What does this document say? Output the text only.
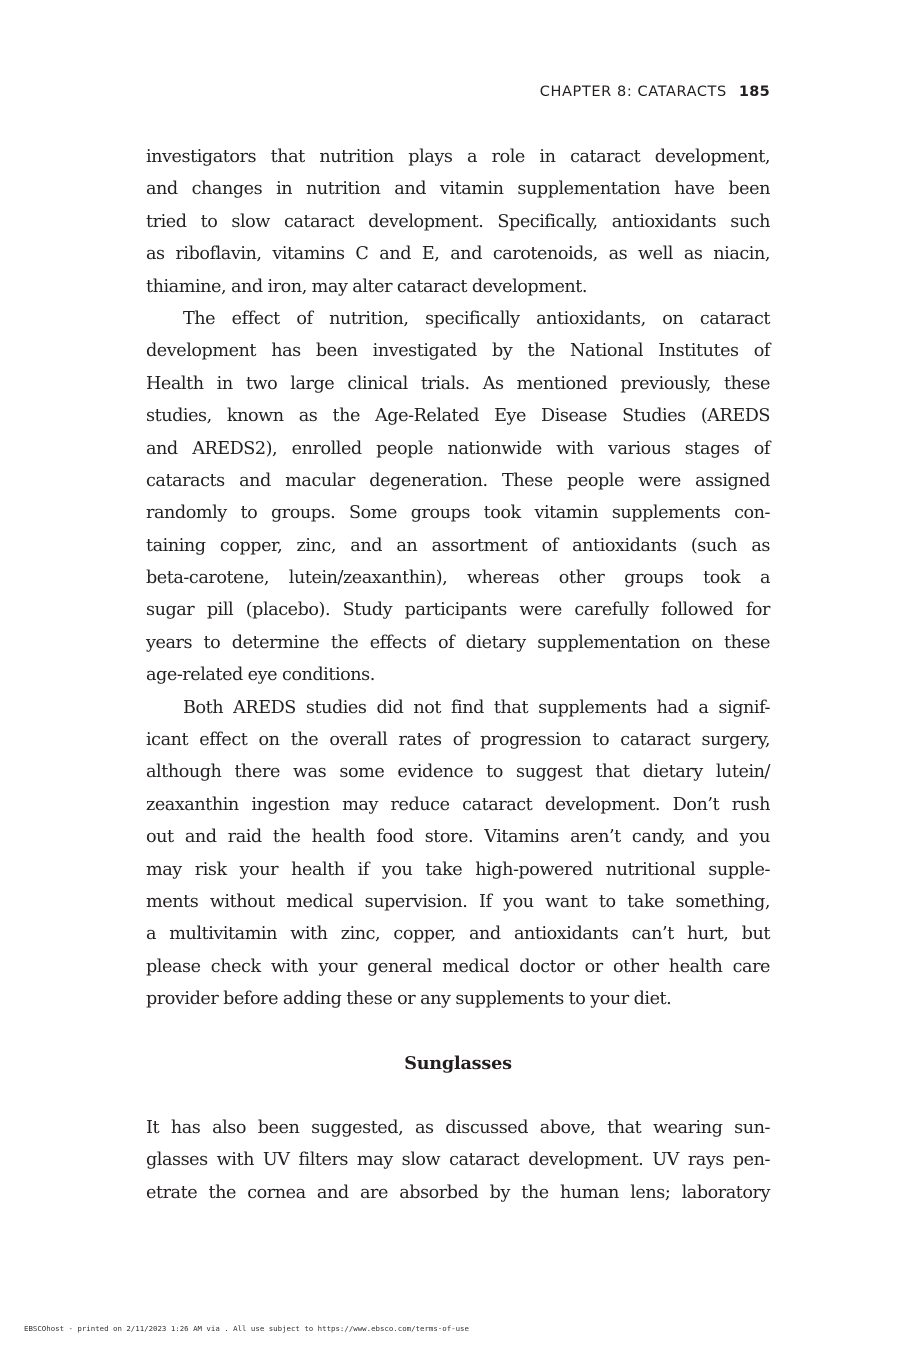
CHAPTER 8: CATARACTS 185
investigators that nutrition plays a role in cataract development,
and changes in nutrition and vitamin supplementation have been
tried to slow cataract development. Specifically, antioxidants such
as riboflavin, vitamins C and E, and carotenoids, as well as niacin,
thiamine, and iron, may alter cataract development.
The effect of nutrition, specifically antioxidants, on cataract
development has been investigated by the National Institutes of
Health in two large clinical trials. As mentioned previously, these
studies, known as the Age-Related Eye Disease Studies (AREDS
and AREDS2), enrolled people nationwide with various stages of
cataracts and macular degeneration. These people were assigned
randomly to groups. Some groups took vitamin supplements con-
taining copper, zinc, and an assortment of antioxidants (such as
beta-carotene, lutein/zeaxanthin), whereas other groups took a
sugar pill (placebo). Study participants were carefully followed for
years to determine the effects of dietary supplementation on these
age-related eye conditions.
Both AREDS studies did not find that supplements had a signif-
icant effect on the overall rates of progression to cataract surgery,
although there was some evidence to suggest that dietary lutein/
zeaxanthin ingestion may reduce cataract development. Don’t rush
out and raid the health food store. Vitamins aren’t candy, and you
may risk your health if you take high-powered nutritional supple-
ments without medical supervision. If you want to take something,
a multivitamin with zinc, copper, and antioxidants can’t hurt, but
please check with your general medical doctor or other health care
provider before adding these or any supplements to your diet.
Sunglasses
It has also been suggested, as discussed above, that wearing sun-
glasses with UV filters may slow cataract development. UV rays pen-
etrate the cornea and are absorbed by the human lens; laboratory
EBSCOhost - printed on 2/11/2023 1:26 AM via . All use subject to https://www.ebsco.com/terms-of-use
